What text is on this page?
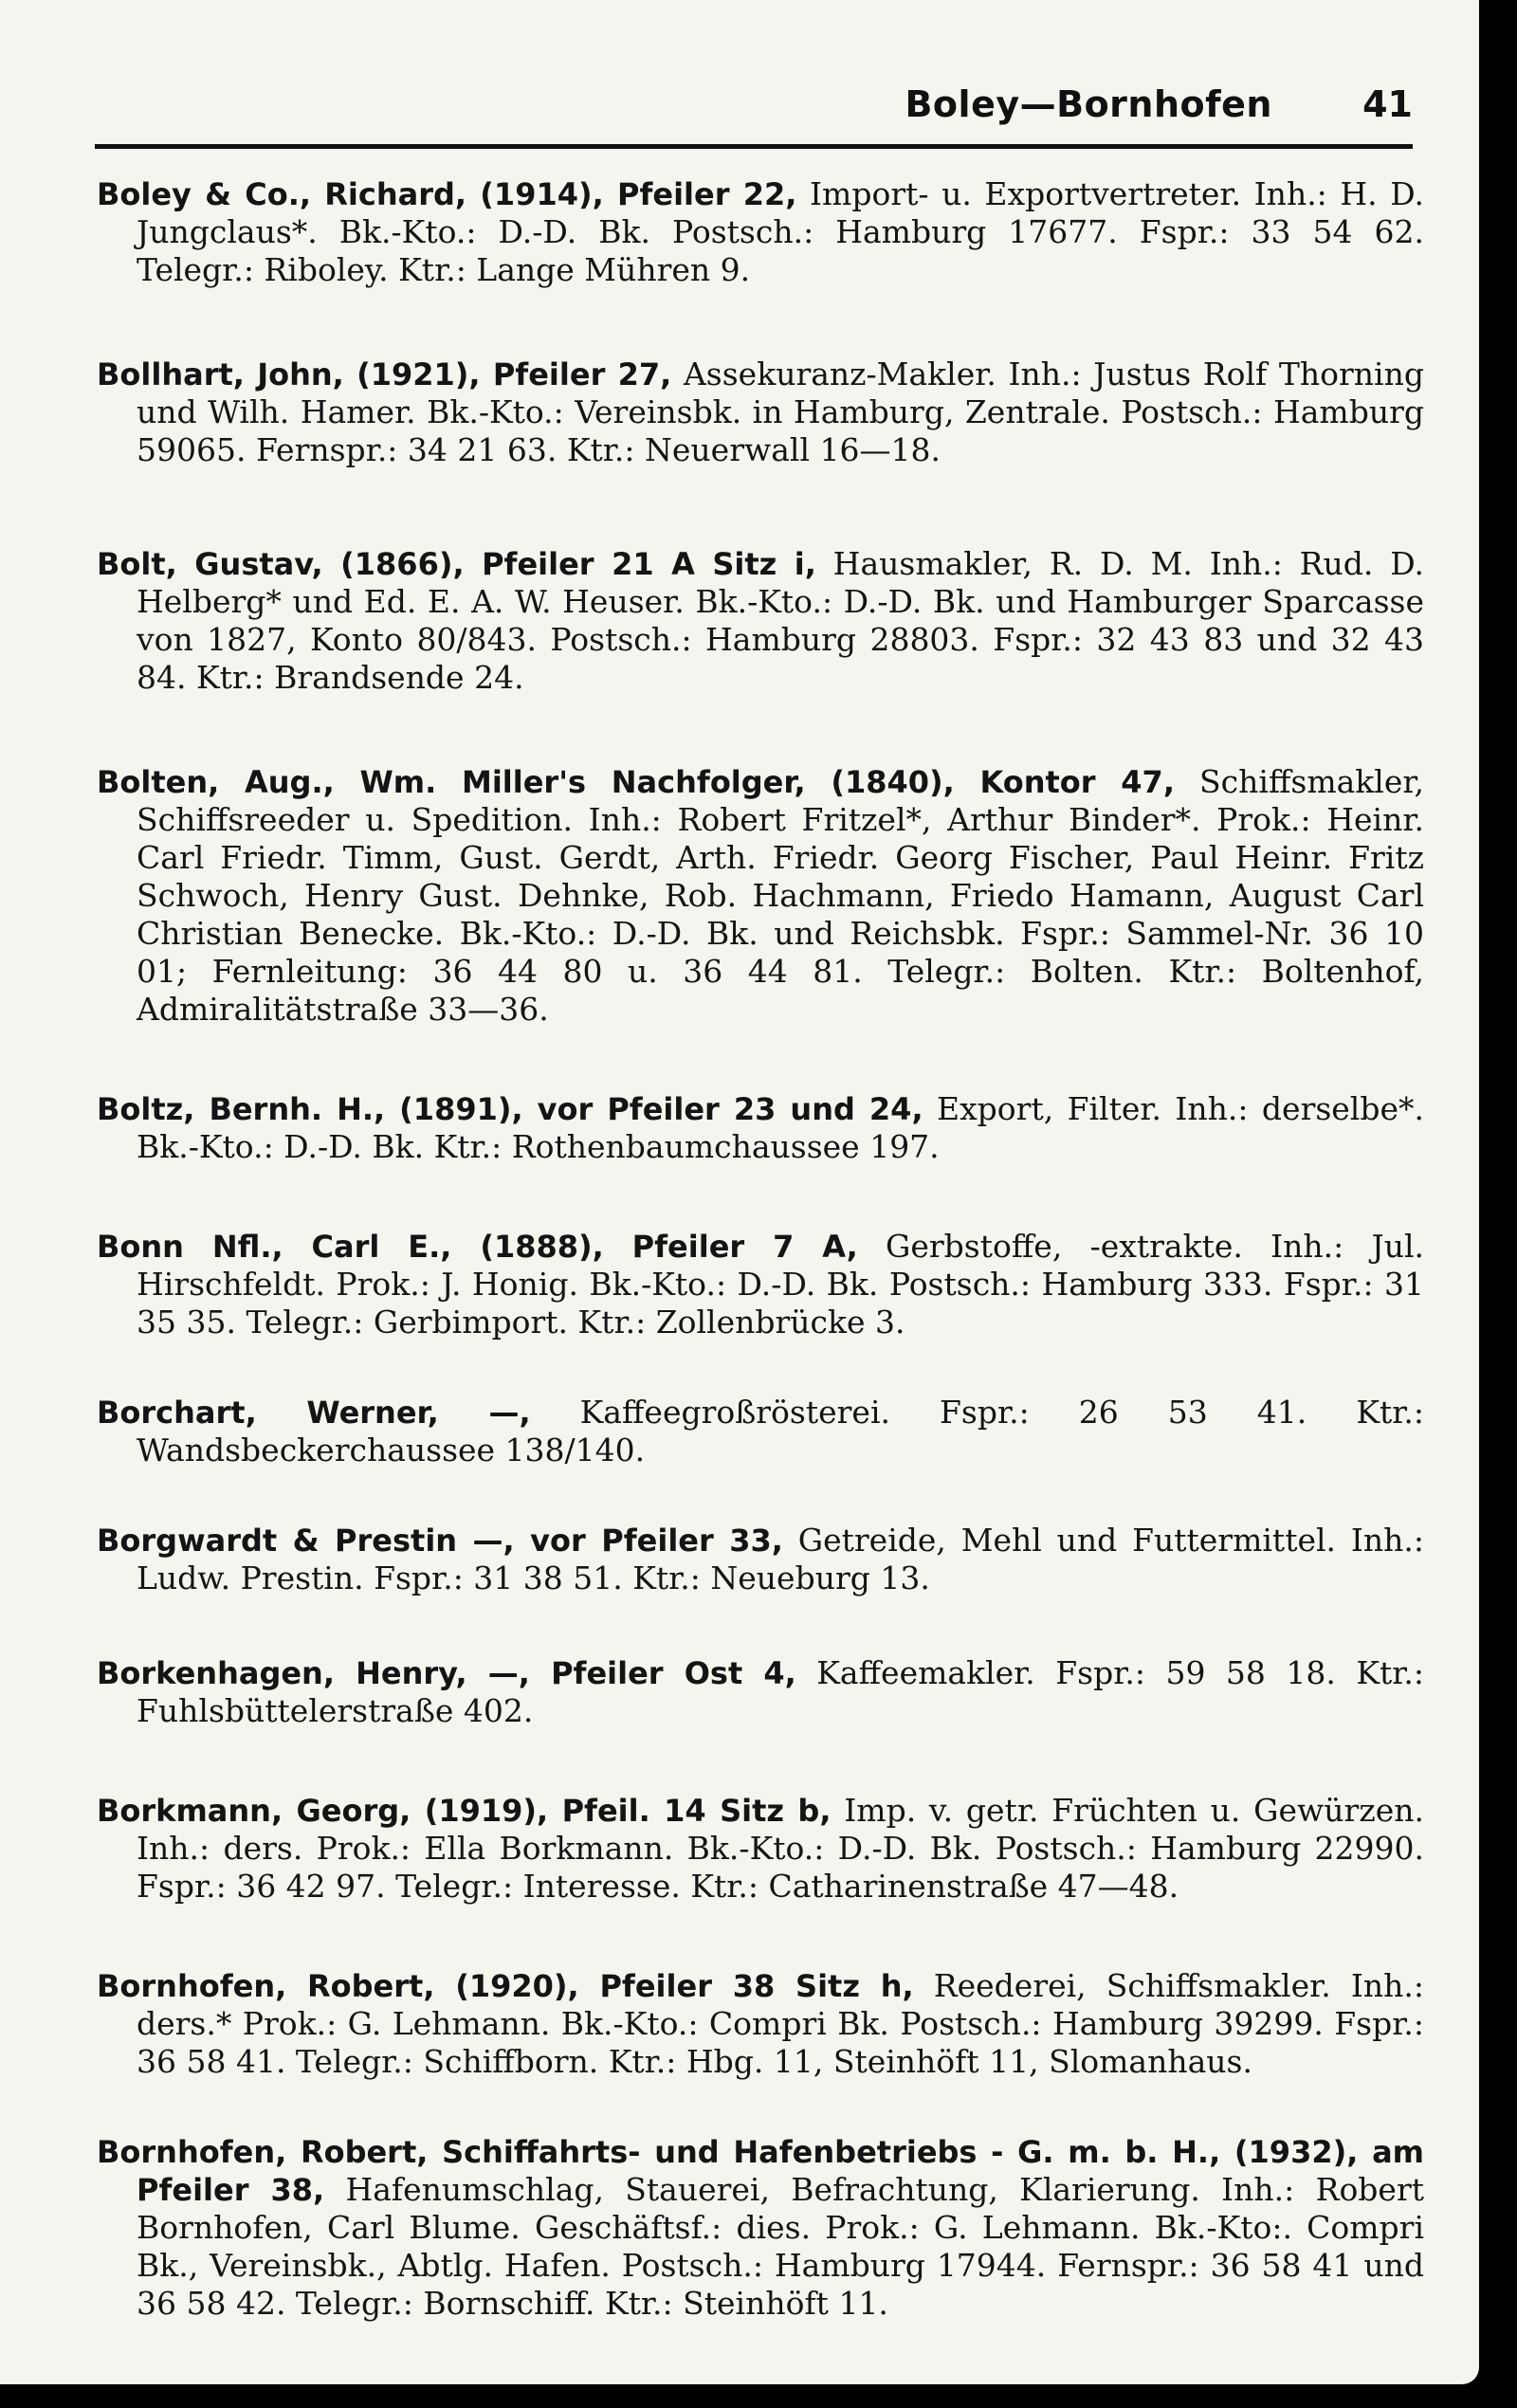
Boley—Bornhofen	41

Boley & Co., Richard, (1914), Pfeiler 22, Import- u. Exportvertreter. Inh.: H. D. Jungclaus*. Bk.-Kto.: D.-D. Bk. Postsch.: Hamburg 17677. Fspr.: 33 54 62. Telegr.: Riboley. Ktr.: Lange Mühren 9.

Bollhart, John, (1921), Pfeiler 27, Assekuranz-Makler. Inh.: Justus Rolf Thorning und Wilh. Hamer. Bk.-Kto.: Vereinsbk. in Hamburg, Zentrale. Postsch.: Hamburg 59065. Fernspr.: 34 21 63. Ktr.: Neuerwall 16—18.

Bolt, Gustav, (1866), Pfeiler 21 A Sitz i, Hausmakler, R. D. M. Inh.: Rud. D. Helberg* und Ed. E. A. W. Heuser. Bk.-Kto.: D.-D. Bk. und Hamburger Sparcasse von 1827, Konto 80/843. Postsch.: Hamburg 28803. Fspr.: 32 43 83 und 32 43 84. Ktr.: Brandsende 24.

Bolten, Aug., Wm. Miller's Nachfolger, (1840), Kontor 47, Schiffsmakler, Schiffsreeder u. Spedition. Inh.: Robert Fritzel*, Arthur Binder*. Prok.: Heinr. Carl Friedr. Timm, Gust. Gerdt, Arth. Friedr. Georg Fischer, Paul Heinr. Fritz Schwoch, Henry Gust. Dehnke, Rob. Hachmann, Friedo Hamann, August Carl Christian Benecke. Bk.-Kto.: D.-D. Bk. und Reichsbk. Fspr.: Sammel-Nr. 36 10 01; Fernleitung: 36 44 80 u. 36 44 81. Telegr.: Bolten. Ktr.: Boltenhof, Admiralitätstraße 33—36.

Boltz, Bernh. H., (1891), vor Pfeiler 23 und 24, Export, Filter. Inh.: derselbe*. Bk.-Kto.: D.-D. Bk. Ktr.: Rothenbaumchaussee 197.

Bonn Nfl., Carl E., (1888), Pfeiler 7 A, Gerbstoffe, -extrakte. Inh.: Jul. Hirschfeldt. Prok.: J. Honig. Bk.-Kto.: D.-D. Bk. Postsch.: Hamburg 333. Fspr.: 31 35 35. Telegr.: Gerbimport. Ktr.: Zollenbrücke 3.

Borchart, Werner, —, Kaffeegroßrösterei. Fspr.: 26 53 41. Ktr.: Wandsbeckerchaussee 138/140.

Borgwardt & Prestin —, vor Pfeiler 33, Getreide, Mehl und Futtermittel. Inh.: Ludw. Prestin. Fspr.: 31 38 51. Ktr.: Neueburg 13.

Borkenhagen, Henry, —, Pfeiler Ost 4, Kaffeemakler. Fspr.: 59 58 18. Ktr.: Fuhlsbüttelerstraße 402.

Borkmann, Georg, (1919), Pfeil. 14 Sitz b, Imp. v. getr. Früchten u. Gewürzen. Inh.: ders. Prok.: Ella Borkmann. Bk.-Kto.: D.-D. Bk. Postsch.: Hamburg 22990. Fspr.: 36 42 97. Telegr.: Interesse. Ktr.: Catharinenstraße 47—48.

Bornhofen, Robert, (1920), Pfeiler 38 Sitz h, Reederei, Schiffsmakler. Inh.: ders.* Prok.: G. Lehmann. Bk.-Kto.: Compri Bk. Postsch.: Hamburg 39299. Fspr.: 36 58 41. Telegr.: Schiffborn. Ktr.: Hbg. 11, Steinhöft 11, Slomanhaus.

Bornhofen, Robert, Schiffahrts- und Hafenbetriebs - G. m. b. H., (1932), am Pfeiler 38, Hafenumschlag, Stauerei, Befrachtung, Klarierung. Inh.: Robert Bornhofen, Carl Blume. Geschäftsf.: dies. Prok.: G. Lehmann. Bk.-Kto:. Compri Bk., Vereinsbk., Abtlg. Hafen. Postsch.: Hamburg 17944. Fernspr.: 36 58 41 und 36 58 42. Telegr.: Bornschiff. Ktr.: Steinhöft 11.
